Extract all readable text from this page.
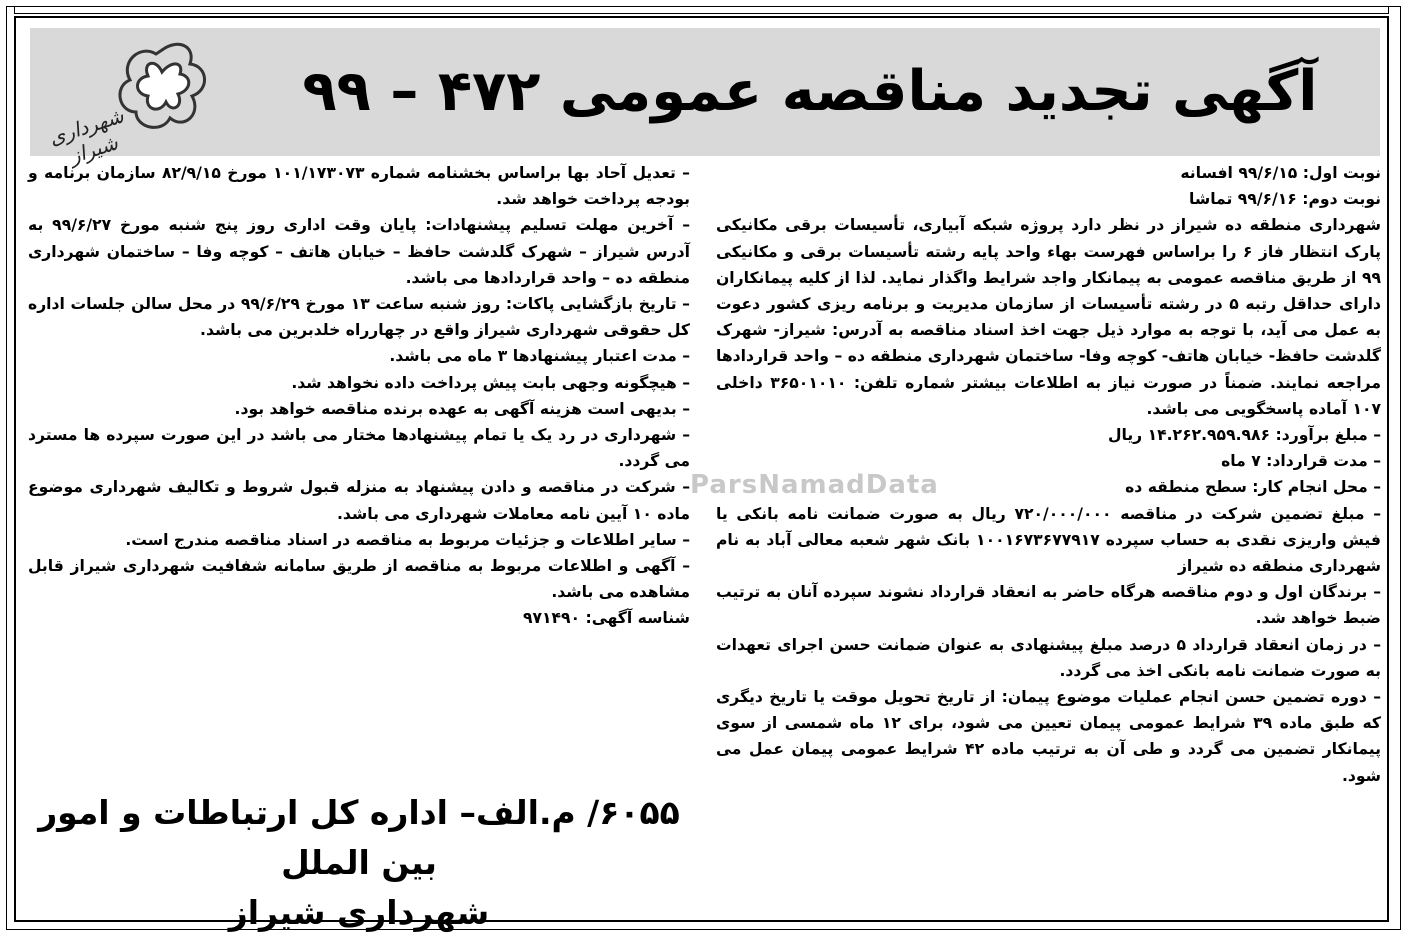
شهرداری شیراز
آگهی تجدید مناقصه عمومی ۴۷۲ – ۹۹
ParsNamadData

نوبت اول: ۹۹/۶/۱۵ افسانه

نوبت دوم: ۹۹/۶/۱۶ تماشا

شهرداری منطقه ده شیراز در نظر دارد پروژه شبکه آبیاری، تأسیسات برقی مکانیکی پارک انتظار فاز ۶ را براساس فهرست بهاء واحد پایه رشته تأسیسات برقی و مکانیکی ۹۹ از طریق مناقصه عمومی به پیمانکار واجد شرایط واگذار نماید. لذا از کلیه پیمانکاران دارای حداقل رتبه ۵ در رشته تأسیسات از سازمان مدیریت و برنامه ریزی کشور دعوت به عمل می آید، با توجه به موارد ذیل جهت اخذ اسناد مناقصه به آدرس: شیراز- شهرک گلدشت حافظ- خیابان هاتف- کوچه وفا- ساختمان شهرداری منطقه ده – واحد قراردادها مراجعه نمایند. ضمناً در صورت نیاز به اطلاعات بیشتر شماره تلفن: ۳۶۵۰۱۰۱۰ داخلی ۱۰۷ آماده پاسخگویی می باشد.

– مبلغ برآورد: ۱۴.۲۶۲.۹۵۹.۹۸۶ ریال

– مدت قرارداد: ۷ ماه

– محل انجام کار: سطح منطقه ده

– مبلغ تضمین شرکت در مناقصه ۷۲۰/۰۰۰/۰۰۰ ریال به صورت ضمانت نامه بانکی یا فیش واریزی نقدی به حساب سپرده ۱۰۰۱۶۷۳۶۷۷۹۱۷ بانک شهر شعبه معالی آباد به نام شهرداری منطقه ده شیراز

– برندگان اول و دوم مناقصه هرگاه حاضر به انعقاد قرارداد نشوند سپرده آنان به ترتیب ضبط خواهد شد.

– در زمان انعقاد قرارداد ۵ درصد مبلغ پیشنهادی به عنوان ضمانت حسن اجرای تعهدات به صورت ضمانت نامه بانکی اخذ می گردد.

– دوره تضمین حسن انجام عملیات موضوع پیمان: از تاریخ تحویل موقت یا تاریخ دیگری که طبق ماده ۳۹ شرایط عمومی پیمان تعیین می شود، برای ۱۲ ماه شمسی از سوی پیمانکار تضمین می گردد و طی آن به ترتیب ماده ۴۲ شرایط عمومی پیمان عمل می شود.

– تعدیل آحاد بها براساس بخشنامه شماره ۱۰۱/۱۷۳۰۷۳ مورخ ۸۲/۹/۱۵ سازمان برنامه و بودجه پرداخت خواهد شد.

– آخرین مهلت تسلیم پیشنهادات: پایان وقت اداری روز پنج شنبه مورخ ۹۹/۶/۲۷ به آدرس شیراز – شهرک گلدشت حافظ – خیابان هاتف – کوچه وفا – ساختمان شهرداری منطقه ده – واحد قراردادها می باشد.

– تاریخ بازگشایی پاکات: روز شنبه ساعت ۱۳ مورخ ۹۹/۶/۲۹ در محل سالن جلسات اداره کل حقوقی شهرداری شیراز واقع در چهارراه خلدبرین می باشد.

– مدت اعتبار پیشنهادها ۳ ماه می باشد.

– هیچگونه وجهی بابت پیش پرداخت داده نخواهد شد.

– بدیهی است هزینه آگهی به عهده برنده مناقصه خواهد بود.

– شهرداری در رد یک یا تمام پیشنهادها مختار می باشد در این صورت سپرده ها مسترد می گردد.

– شرکت در مناقصه و دادن پیشنهاد به منزله قبول شروط و تکالیف شهرداری موضوع ماده ۱۰ آیین نامه معاملات شهرداری می باشد.

– سایر اطلاعات و جزئیات مربوط به مناقصه در اسناد مناقصه مندرج است.

– آگهی و اطلاعات مربوط به مناقصه از طریق سامانه شفافیت شهرداری شیراز قابل مشاهده می باشد.

شناسه آگهی: ۹۷۱۴۹۰

۶۰۵۵/ م.الف– اداره کل ارتباطات و امور بین الملل
شهرداری شیراز
